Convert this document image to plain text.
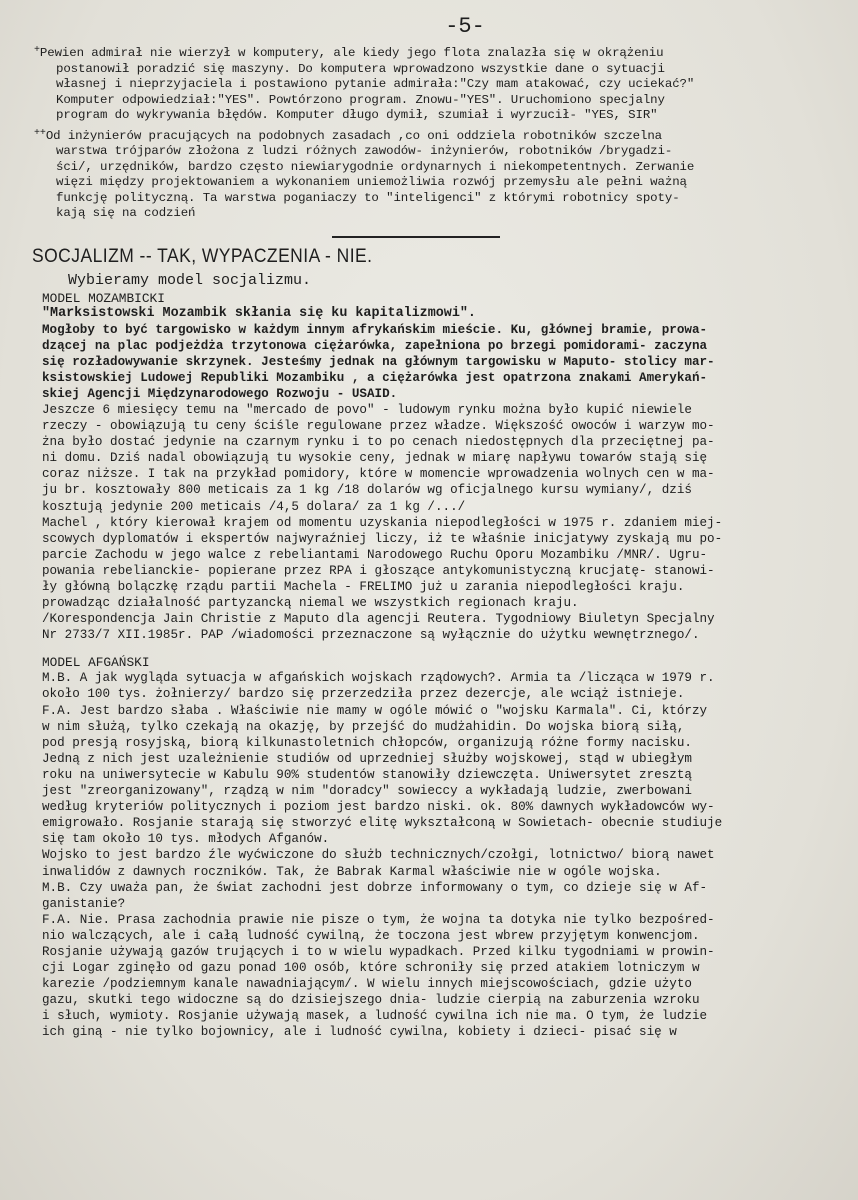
-5-
+Pewien admirał nie wierzył w komputery, ale kiedy jego flota znalazła się w okrążeniu
postanowił poradzić się maszyny. Do komputera wprowadzono wszystkie dane o sytuacji
własnej i nieprzyjaciela i postawiono pytanie admirała:"Czy mam atakować, czy uciekać?"
Komputer odpowiedział:"YES". Powtórzono program. Znowu-"YES". Uruchomiono specjalny
program do wykrywania błędów. Komputer długo dymił, szumiał i wyrzucił- "YES, SIR"
++Od inżynierów pracujących na podobnych zasadach ,co oni oddziela robotników szczelna
warstwa trójparów złożona z ludzi różnych zawodów- inżynierów, robotników /brygadzi-
ści/, urzędników, bardzo często niewiarygodnie ordynarnych i niekompetentnych. Zerwanie
więzi między projektowaniem a wykonaniem uniemożliwia rozwój przemysłu ale pełni ważną
funkcję polityczną. Ta warstwa poganiaczy to "inteligenci" z którymi robotnicy spoty-
kają się na codzień
SOCJALIZM -- TAK, WYPACZENIA - NIE.
Wybieramy model socjalizmu.
MODEL MOZAMBICKI
"Marksistowski Mozambik skłania się ku kapitalizmowi".
Mogłoby to być targowisko w każdym innym afrykańskim mieście. Ku, głównej bramie, prowa-
dzącej na plac podjeżdża trzytonowa ciężarówka, zapełniona po brzegi pomidorami- zaczyna
się rozładowywanie skrzynek. Jesteśmy jednak na głównym targowisku w Maputo- stolicy mar-
ksistowskiej Ludowej Republiki Mozambiku , a ciężarówka jest opatrzona znakami Amerykań-
skiej Agencji Międzynarodowego Rozwoju - USAID.
Jeszcze 6 miesięcy temu na "mercado de povo" - ludowym rynku można było kupić niewiele
rzeczy - obowiązują tu ceny ściśle regulowane przez władze. Większość owoców i warzyw mo-
żna było dostać jedynie na czarnym rynku i to po cenach niedostępnych dla przeciętnej pa-
ni domu. Dziś nadal obowiązują tu wysokie ceny, jednak w miarę napływu towarów stają się
coraz niższe. I tak na przykład pomidory, które w momencie wprowadzenia wolnych cen w ma-
ju br. kosztowały 800 meticais za 1 kg /18 dolarów wg oficjalnego kursu wymiany/, dziś
kosztują jedynie 200 meticais /4,5 dolara/ za 1 kg /.../
Machel , który kierował krajem od momentu uzyskania niepodległości w 1975 r. zdaniem miej-
scowych dyplomatów i ekspertów najwyraźniej liczy, iż te właśnie inicjatywy zyskają mu po-
parcie Zachodu w jego walce z rebeliantami Narodowego Ruchu Oporu Mozambiku /MNR/. Ugru-
powania rebelianckie- popierane przez RPA i głoszące antykomunistyczną krucjatę- stanowi-
ły główną bolączkę rządu partii Machela - FRELIMO już u zarania niepodległości kraju.
prowadząc działalność partyzancką niemal we wszystkich regionach kraju.
/Korespondencja Jain Christie z Maputo dla agencji Reutera. Tygodniowy Biuletyn Specjalny
Nr 2733/7 XII.1985r. PAP /wiadomości przeznaczone są wyłącznie do użytku wewnętrznego/.
MODEL AFGAŃSKI
M.B. A jak wygląda sytuacja w afgańskich wojskach rządowych?. Armia ta /licząca w 1979 r.
około 100 tys. żołnierzy/ bardzo się przerzedziła przez dezercje, ale wciąż istnieje.
F.A. Jest bardzo słaba . Właściwie nie mamy w ogóle mówić o "wojsku Karmala". Ci, którzy
w nim służą, tylko czekają na okazję, by przejść do mudżahidin. Do wojska biorą siłą,
pod presją rosyjską, biorą kilkunastoletnich chłopców, organizują różne formy nacisku.
Jedną z nich jest uzależnienie studiów od uprzedniej służby wojskowej, stąd w ubiegłym
roku na uniwersytecie w Kabulu 90% studentów stanowiły dziewczęta. Uniwersytet zresztą
jest "zreorganizowany", rządzą w nim "doradcy" sowieccy a wykładają ludzie, zwerbowani
według kryteriów politycznych i poziom jest bardzo niski. ok. 80% dawnych wykładowców wy-
emigrowało. Rosjanie starają się stworzyć elitę wykształconą w Sowietach- obecnie studiuje
się tam około 10 tys. młodych Afganów.
Wojsko to jest bardzo źle wyćwiczone do służb technicznych/czołgi, lotnictwo/ biorą nawet
inwalidów z dawnych roczników. Tak, że Babrak Karmal właściwie nie w ogóle wojska.
M.B. Czy uważa pan, że świat zachodni jest dobrze informowany o tym, co dzieje się w Af-
ganistanie?
F.A. Nie. Prasa zachodnia prawie nie pisze o tym, że wojna ta dotyka nie tylko bezpośred-
nio walczących, ale i całą ludność cywilną, że toczona jest wbrew przyjętym konwencjom.
Rosjanie używają gazów trujących i to w wielu wypadkach. Przed kilku tygodniami w prowin-
cji Logar zginęło od gazu ponad 100 osób, które schroniły się przed atakiem lotniczym w
karezie /podziemnym kanale nawadniającym/. W wielu innych miejscowościach, gdzie użyto
gazu, skutki tego widoczne są do dzisiejszego dnia- ludzie cierpią na zaburzenia wzroku
i słuch, wymioty. Rosjanie używają masek, a ludność cywilna ich nie ma. O tym, że ludzie
ich giną - nie tylko bojownicy, ale i ludność cywilna, kobiety i dzieci- pisać się w
